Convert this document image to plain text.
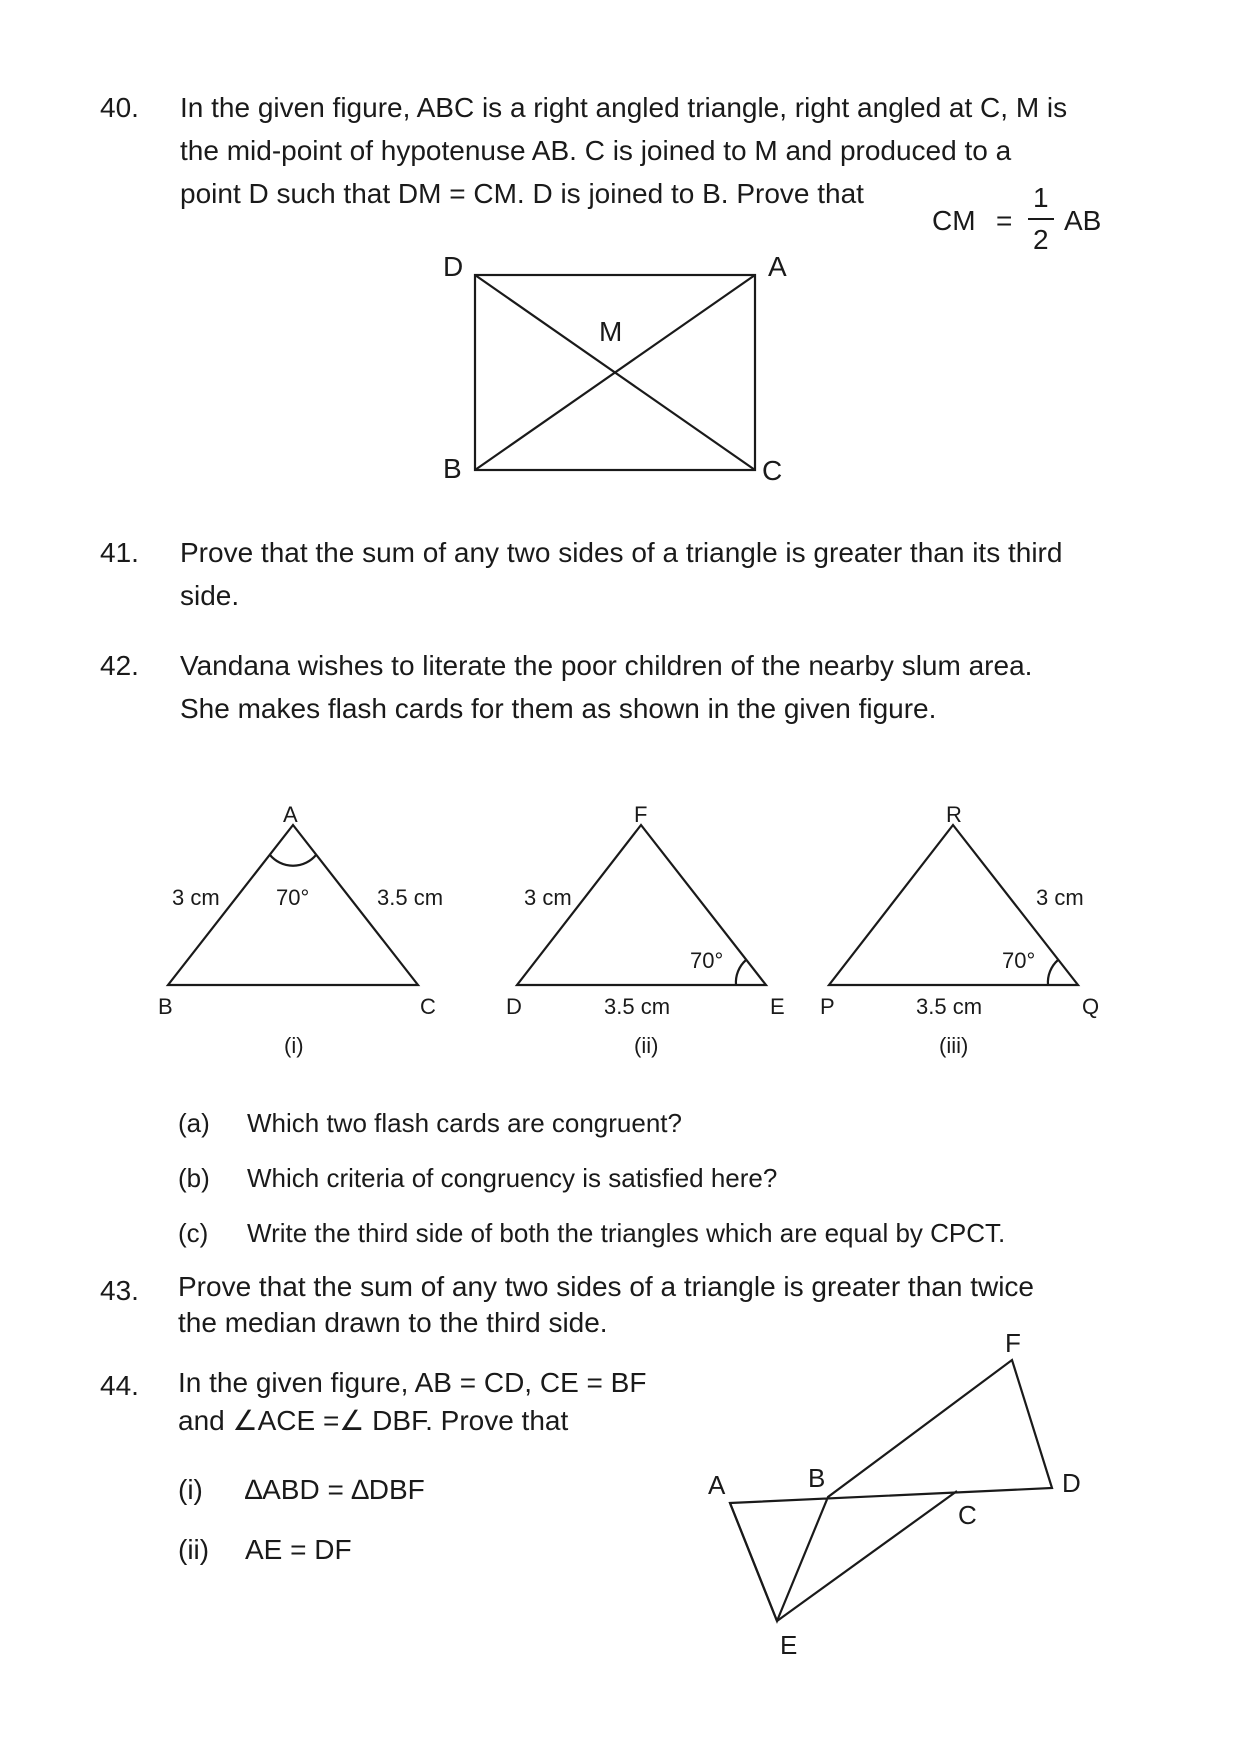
40. In the given figure, ABC is a right angled triangle, right angled at C, M is
the mid-point of hypotenuse AB. C is joined to M and produced to a
point D such that DM = CM. D is joined to B. Prove that
CM =
1
2
AB
41. Prove that the sum of any two sides of a triangle is greater than its third
side.
42. Vandana wishes to literate the poor children of the nearby slum area.
She makes flash cards for them as shown in the given figure.
(a) Which two flash cards are congruent?
(b) Which criteria of congruency is satisfied here?
(c) Write the third side of both the triangles which are equal by CPCT.
43. Prove that the sum of any two sides of a triangle is greater than twice
the median drawn to the third side.
44. In the given figure, AB = CD, CE = BF
and ∠ACE =∠ DBF. Prove that
(i) ∆ABD = ∆DBF
(ii) AE = DF
D	A
M
B	C
A
B	C
3 cm	3.5 cm
70°
(i)
F
D	E
3 cm
3.5 cm
70°
(ii)
R
P	Q
3 cm
3.5 cm
70°
(iii)
F
A	B	D
C
E
